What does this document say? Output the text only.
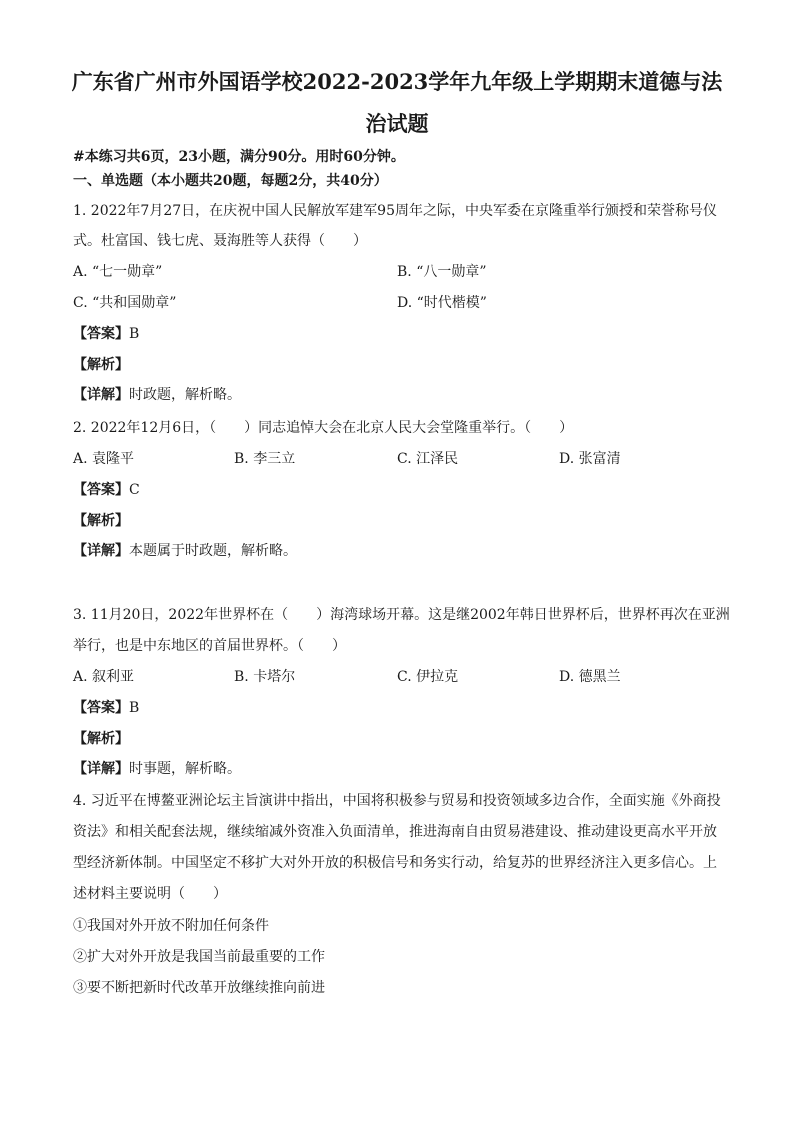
广东省广州市外国语学校2022-2023学年九年级上学期期末道德与法
治试题
#本练习共6页，23小题，满分90分。用时60分钟。
一、单选题（本小题共20题，每题2分，共40分）
1. 2022年7月27日，在庆祝中国人民解放军建军95周年之际，中央军委在京隆重举行颁授和荣誉称号仪
式。杜富国、钱七虎、聂海胜等人获得（　　）
A. “七一勋章”	B. “八一勋章”
C. “共和国勋章”	D. “时代楷模”
【答案】B
【解析】
【详解】时政题，解析略。
2. 2022年12月6日，（　　）同志追悼大会在北京人民大会堂隆重举行。（　　）
A. 袁隆平	B. 李三立	C. 江泽民	D. 张富清
【答案】C
【解析】
【详解】本题属于时政题，解析略。
3. 11月20日，2022年世界杯在（　　）海湾球场开幕。这是继2002年韩日世界杯后，世界杯再次在亚洲
举行，也是中东地区的首届世界杯。（　　）
A. 叙利亚	B. 卡塔尔	C. 伊拉克	D. 德黑兰
【答案】B
【解析】
【详解】时事题，解析略。
4. 习近平在博鳌亚洲论坛主旨演讲中指出，中国将积极参与贸易和投资领域多边合作，全面实施《外商投
资法》和相关配套法规，继续缩减外资准入负面清单，推进海南自由贸易港建设、推动建设更高水平开放
型经济新体制。中国坚定不移扩大对外开放的积极信号和务实行动，给复苏的世界经济注入更多信心。上
述材料主要说明（　　）
①我国对外开放不附加任何条件
②扩大对外开放是我国当前最重要的工作
③要不断把新时代改革开放继续推向前进
